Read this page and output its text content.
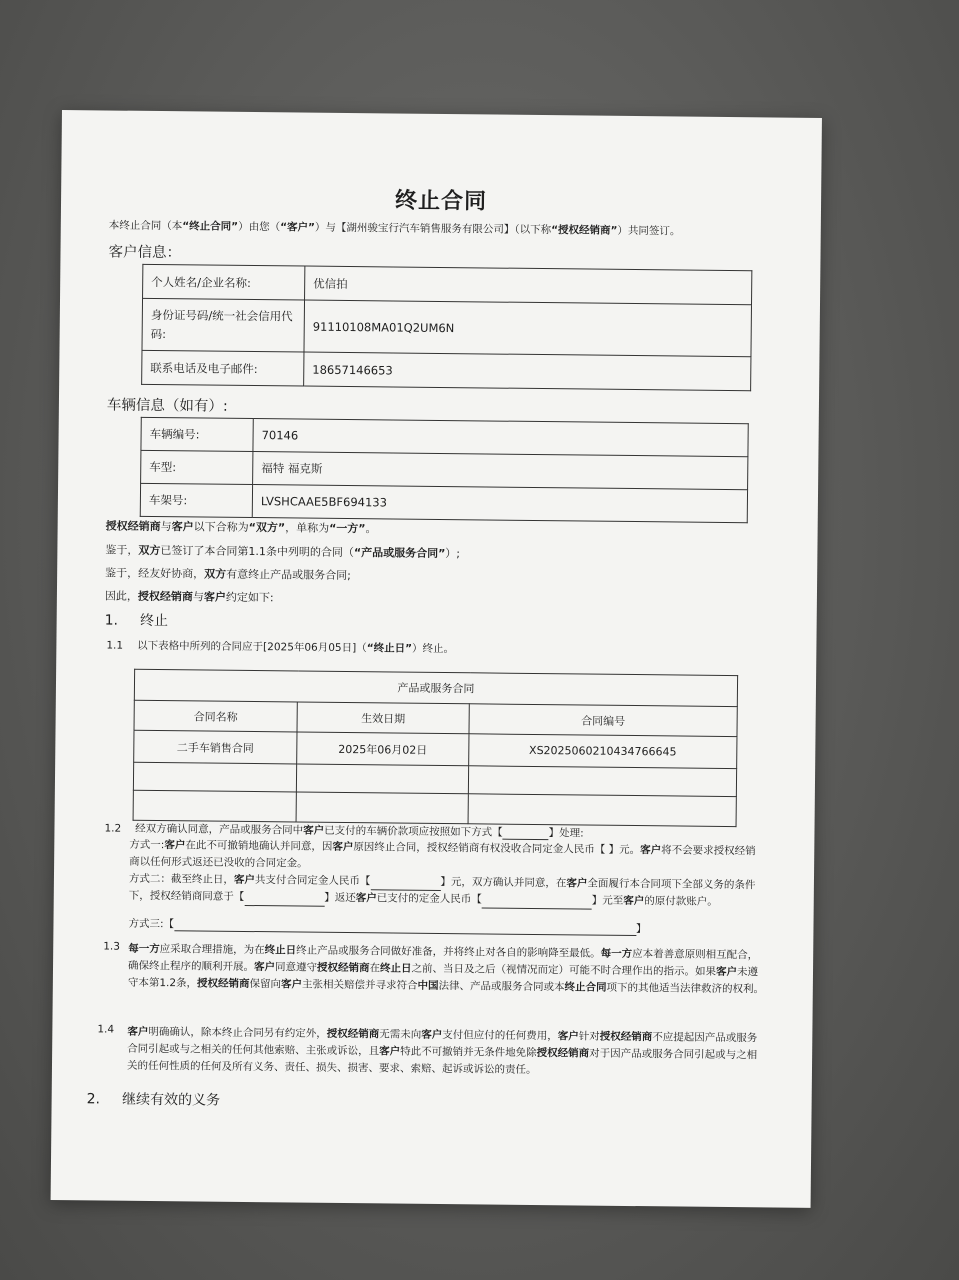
终止合同
本终止合同（本“终止合同”）由您（“客户”）与【湖州骏宝行汽车销售服务有限公司】（以下称“授权经销商”）共同签订。
客户信息：
个人姓名/企业名称:	优信拍
身份证号码/统一社会信用代码:	91110108MA01Q2UM6N
联系电话及电子邮件:	18657146653
车辆信息（如有）:
车辆编号:	70146
车型:	福特 福克斯
车架号:	LVSHCAAE5BF694133
授权经销商与客户以下合称为“双方”，单称为“一方”。
鉴于，双方已签订了本合同第1.1条中列明的合同（“产品或服务合同”）;
鉴于，经友好协商，双方有意终止产品或服务合同;
因此，授权经销商与客户约定如下:
1. 终止
1.1 以下表格中所列的合同应于[2025年06月05日]（“终止日”）终止。
产品或服务合同		
合同名称	生效日期	合同编号
二手车销售合同	2025年06月02日	XS2025060210434766645

1.2 经双方确认同意，产品或服务合同中客户已支付的车辆价款项应按照如下方式【	】处理:
方式一:客户在此不可撤销地确认并同意，因客户原因终止合同，授权经销商有权没收合同定金人民币【 】元。客户将不会要求授权经销商以任何形式返还已没收的合同定金。
方式二：截至终止日，客户共支付合同定金人民币【	】元，双方确认并同意，在客户全面履行本合同项下全部义务的条件下，授权经销商同意于【	】返还客户已支付的定金人民币【	】元至客户的原付款账户。
方式三:【	】
1.3 每一方应采取合理措施，为在终止日终止产品或服务合同做好准备，并将终止对各自的影响降至最低。每一方应本着善意原则相互配合，确保终止程序的顺利开展。客户同意遵守授权经销商在终止日之前、当日及之后（视情况而定）可能不时合理作出的指示。如果客户未遵守本第1.2条，授权经销商保留向客户主张相关赔偿并寻求符合中国法律、产品或服务合同或本终止合同项下的其他适当法律救济的权利。
1.4 客户明确确认，除本终止合同另有约定外，授权经销商无需未向客户支付但应付的任何费用，客户针对授权经销商不应提起因产品或服务合同引起或与之相关的任何其他索赔、主张或诉讼，且客户特此不可撤销并无条件地免除授权经销商对于因产品或服务合同引起或与之相关的任何性质的任何及所有义务、责任、损失、损害、要求、索赔、起诉或诉讼的责任。
2. 继续有效的义务
